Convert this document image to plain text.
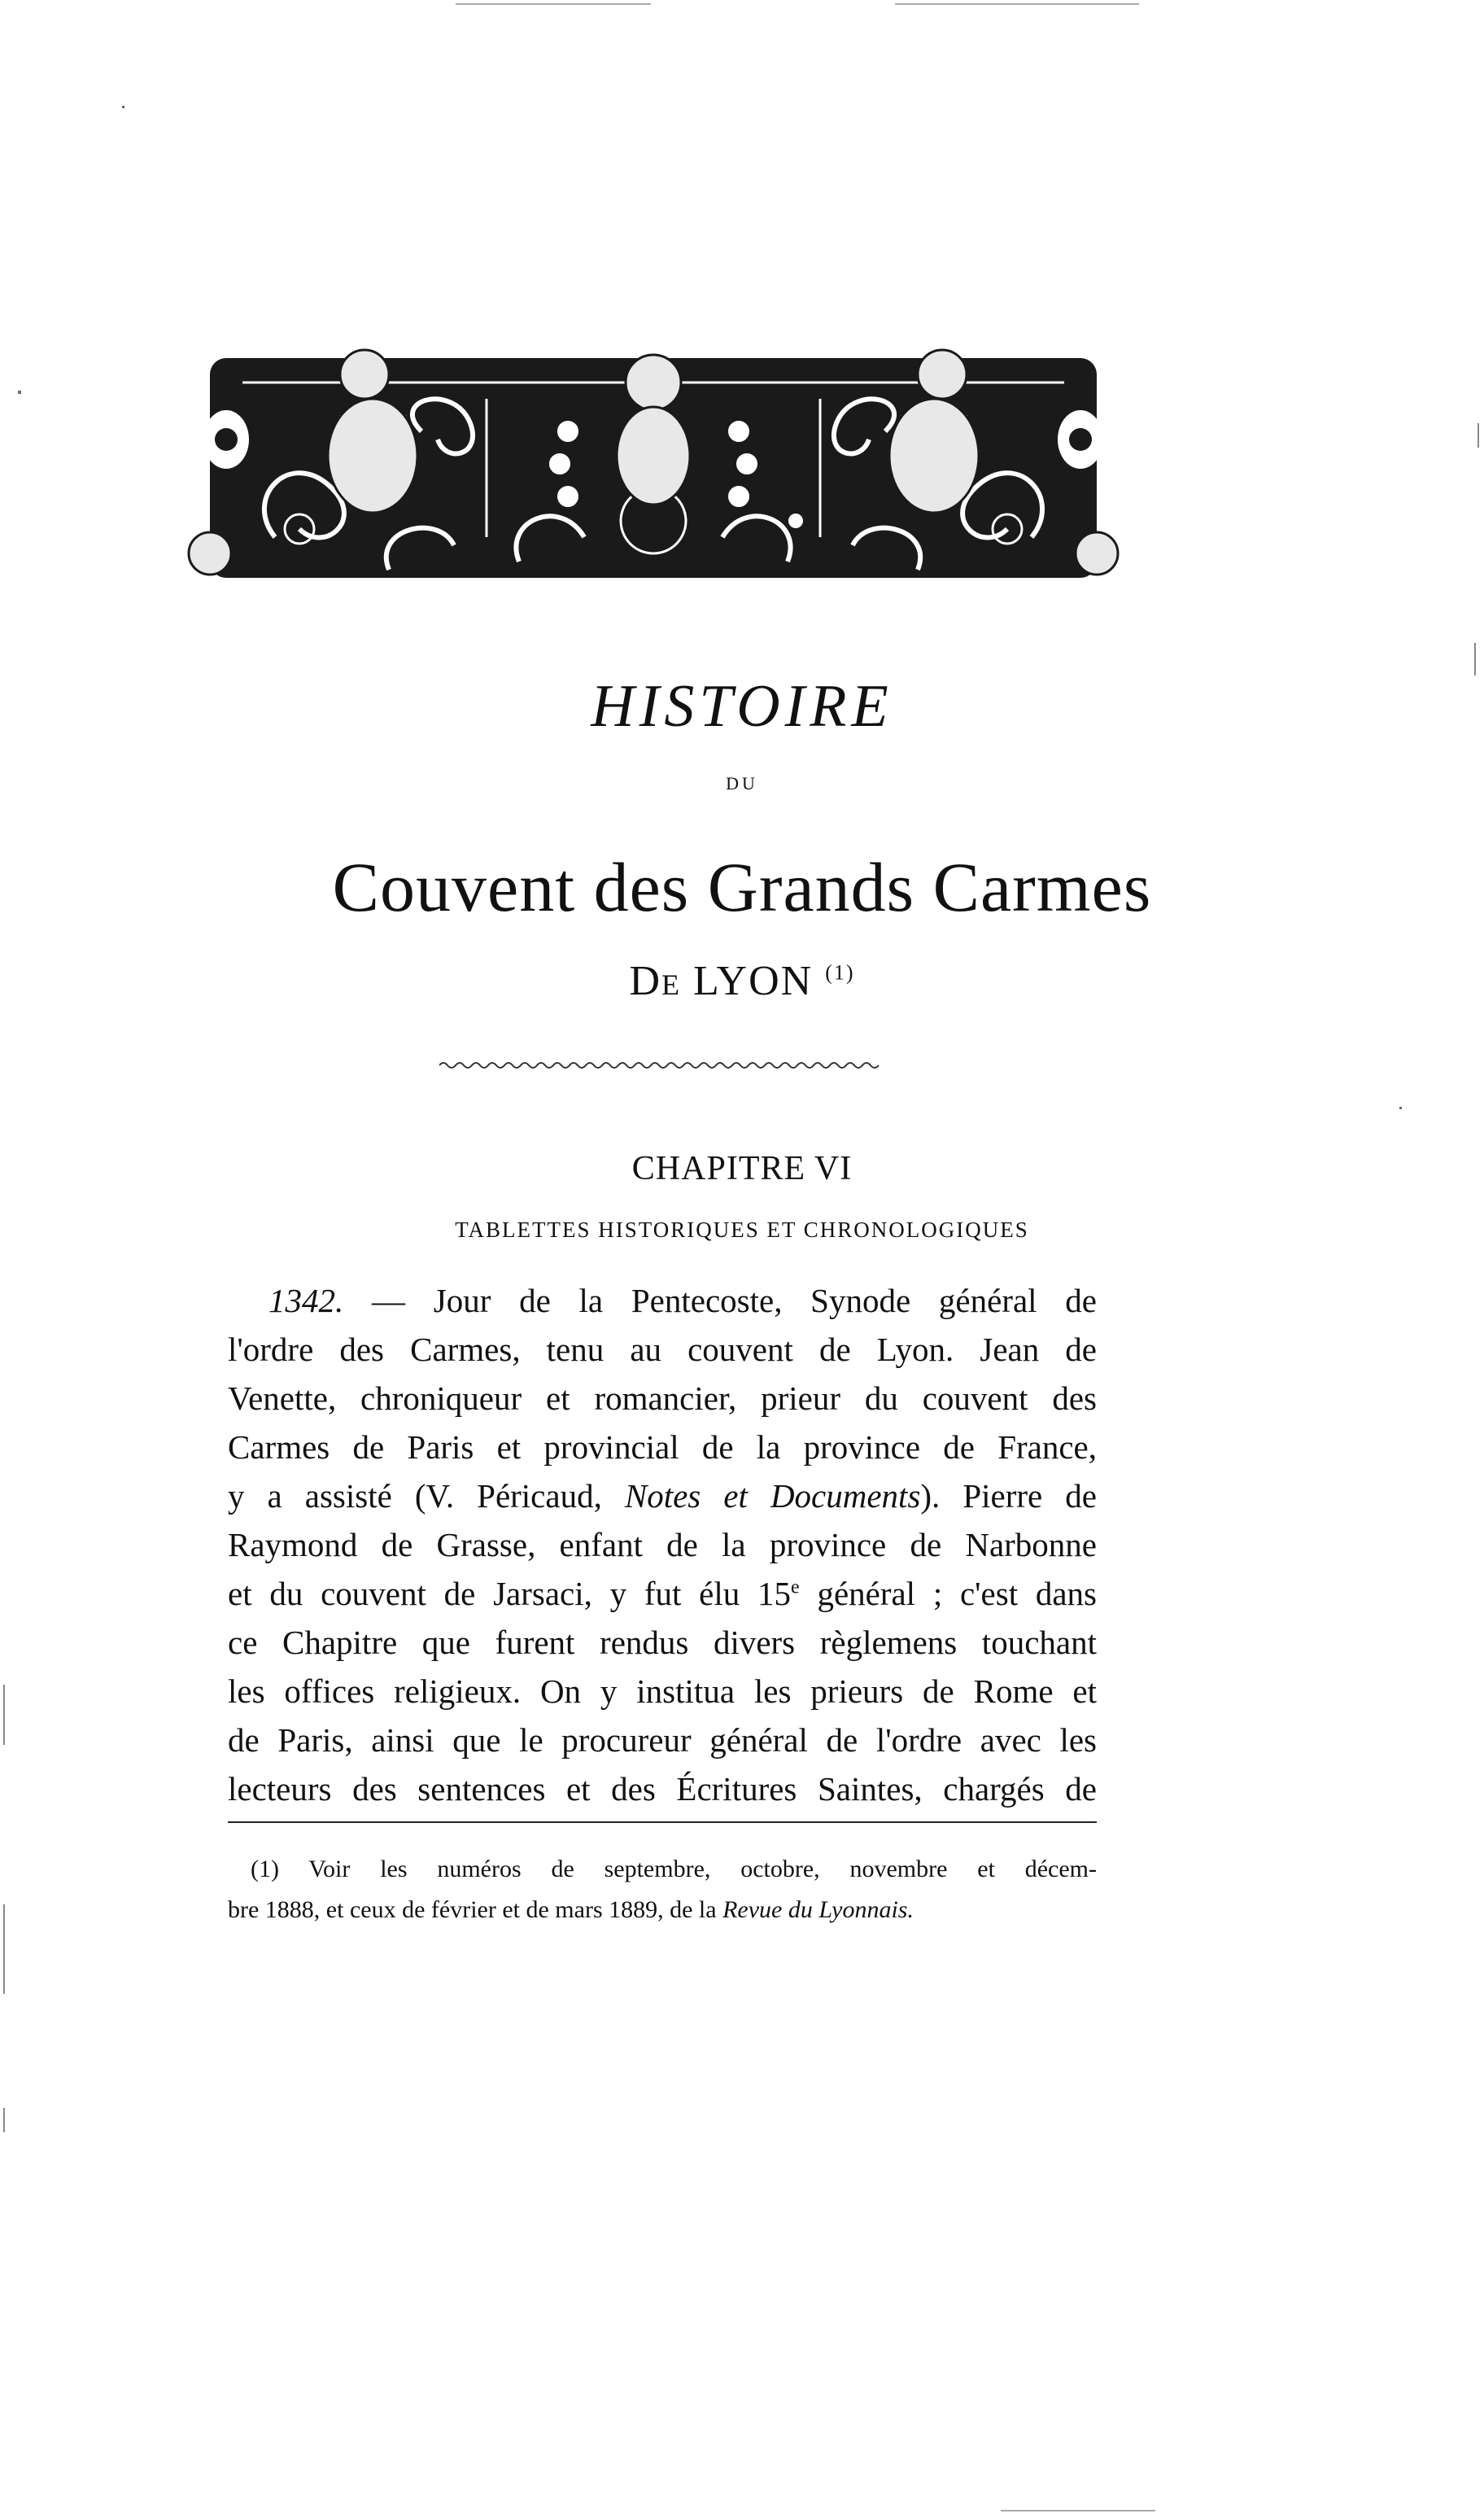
HISTOIRE
DU
Couvent des Grands Carmes
De LYON $^{(1)}$
CHAPITRE VI
TABLETTES HISTORIQUES ET CHRONOLOGIQUES
1342. — Jour de la Pentecoste, Synode général de
l'ordre des Carmes, tenu au couvent de Lyon. Jean de
Venette, chroniqueur et romancier, prieur du couvent des
Carmes de Paris et provincial de la province de France,
y a assisté (V. Péricaud, Notes et Documents). Pierre de
Raymond de Grasse, enfant de la province de Narbonne
et du couvent de Jarsaci, y fut élu 15e général ; c'est dans
ce Chapitre que furent rendus divers règlemens touchant
les offices religieux. On y institua les prieurs de Rome et
de Paris, ainsi que le procureur général de l'ordre avec les
lecteurs des sentences et des Écritures Saintes, chargés de
(1) Voir les numéros de septembre, octobre, novembre et décem-
bre 1888, et ceux de février et de mars 1889, de la Revue du Lyonnais.
